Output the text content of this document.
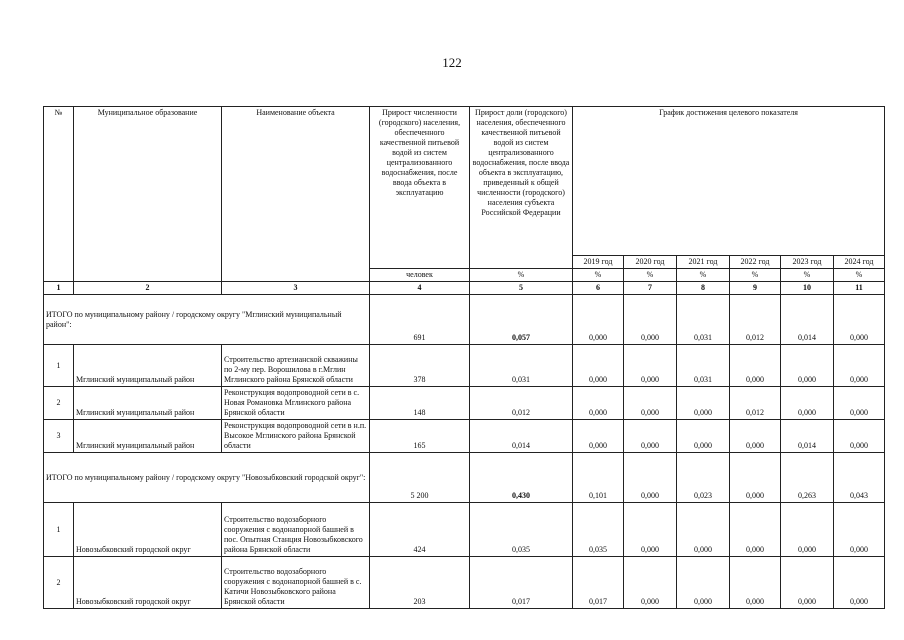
122
№	Муниципальное образование	Наименование объекта	Прирост численности (городского) населения, обеспеченного качественной питьевой водой из систем централизованного водоснабжения, после ввода объекта в эксплуатацию	Прирост доли (городского) населения, обеспеченного качественной питьевой водой из систем централизованного водоснабжения, после ввода объекта в эксплуатацию, приведенный к общей численности (городского) населения субъекта Российской Федерации	График достижения целевого показателя					
					2019 год	2020 год	2021 год	2022 год	2023 год	2024 год
			человек	%	%	%	%	%	%	%
1	2	3	4	5	6	7	8	9	10	11
ИТОГО по муниципальному району / городскому округу "Мглинский муниципальный район":			691	0,057	0,000	0,000	0,031	0,012	0,014	0,000
1	Мглинский муниципальный район	Строительство артезианской скважины по 2-му пер. Ворошилова в г.Мглин Мглинского района Брянской области	378	0,031	0,000	0,000	0,031	0,000	0,000	0,000
2	Мглинский муниципальный район	Реконструкция водопроводной сети в с. Новая Романовка Мглинского района Брянской области	148	0,012	0,000	0,000	0,000	0,012	0,000	0,000
3	Мглинский муниципальный район	Реконструкция водопроводной сети в н.п. Высокое Мглинского района Брянской области	165	0,014	0,000	0,000	0,000	0,000	0,014	0,000
ИТОГО по муниципальному району / городскому округу "Новозыбковский городской округ":			5 200	0,430	0,101	0,000	0,023	0,000	0,263	0,043
1	Новозыбковский городской округ	Строительство водозаборного сооружения с водонапорной башней в пос. Опытная Станция Новозыбковского района Брянской области	424	0,035	0,035	0,000	0,000	0,000	0,000	0,000
2	Новозыбковский городской округ	Строительство водозаборного сооружения с водонапорной башней в с. Катичи Новозыбковского района Брянской области	203	0,017	0,017	0,000	0,000	0,000	0,000	0,000
